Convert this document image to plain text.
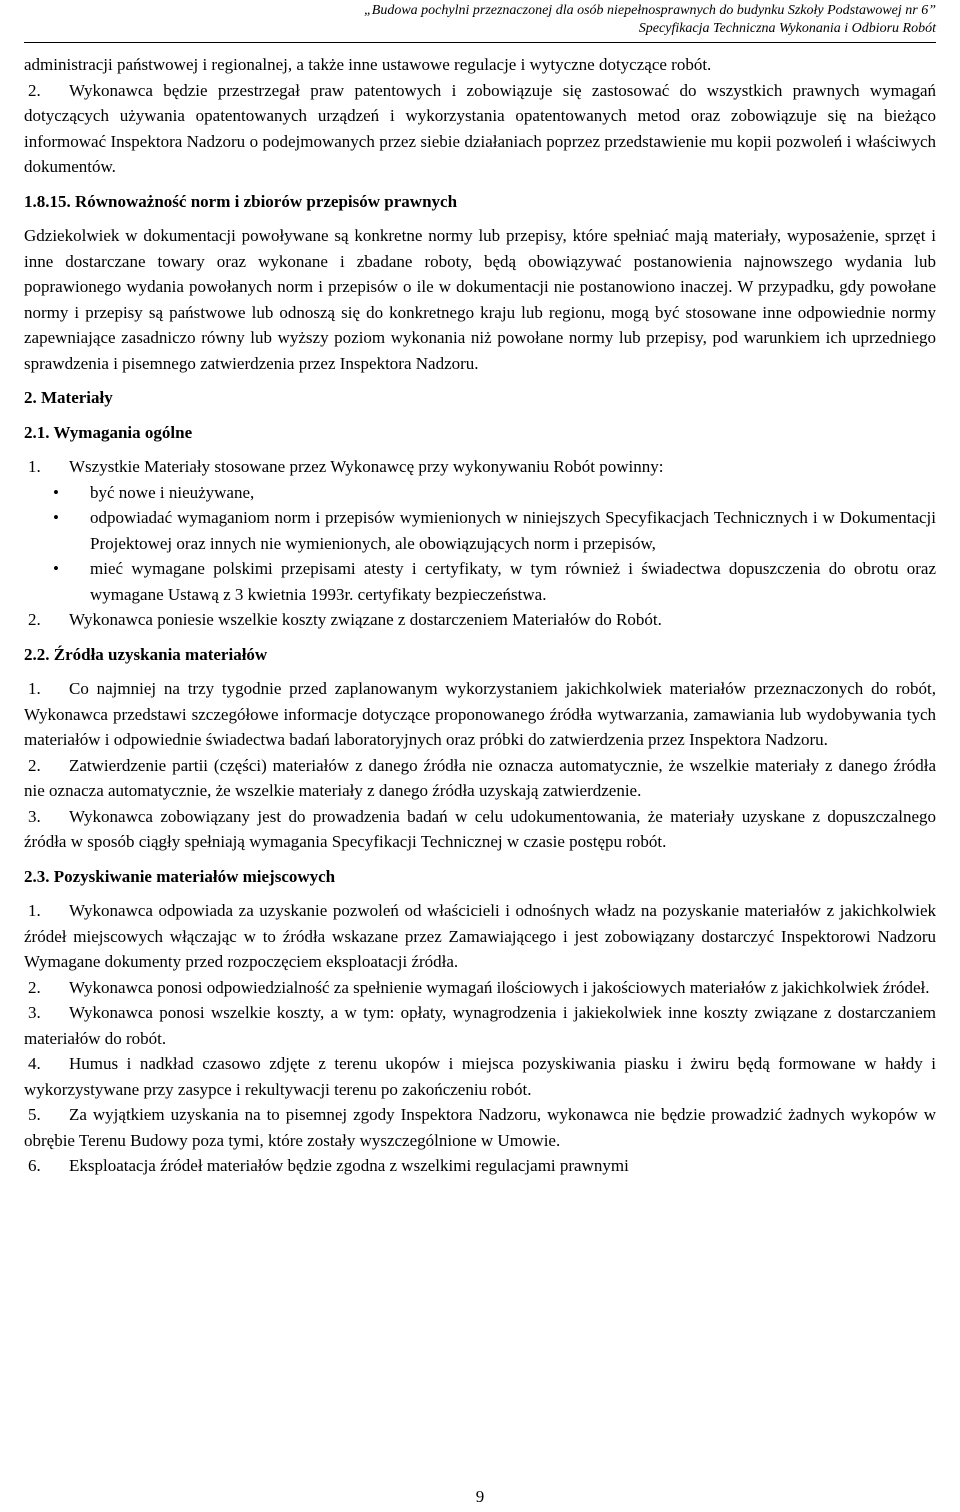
„Budowa pochylni przeznaczonej dla osób niepełnosprawnych do budynku Szkoły Podstawowej nr 6”
Specyfikacja Techniczna Wykonania i Odbioru Robót

administracji państwowej i regionalnej, a także inne ustawowe regulacje i wytyczne dotyczące robót.

2. Wykonawca będzie przestrzegał praw patentowych i zobowiązuje się zastosować do wszystkich prawnych wymagań dotyczących używania opatentowanych urządzeń i wykorzystania opatentowanych metod oraz zobowiązuje się na bieżąco informować Inspektora Nadzoru o podejmowanych przez siebie działaniach poprzez przedstawienie mu kopii pozwoleń i właściwych dokumentów.

1.8.15. Równoważność norm i zbiorów przepisów prawnych

Gdziekolwiek w dokumentacji powoływane są konkretne normy lub przepisy, które spełniać mają materiały, wyposażenie, sprzęt i inne dostarczane towary oraz wykonane i zbadane roboty, będą obowiązywać postanowienia najnowszego wydania lub poprawionego wydania powołanych norm i przepisów o ile w dokumentacji nie postanowiono inaczej. W przypadku, gdy powołane normy i przepisy są państwowe lub odnoszą się do konkretnego kraju lub regionu, mogą być stosowane inne odpowiednie normy zapewniające zasadniczo równy lub wyższy poziom wykonania niż powołane normy lub przepisy, pod warunkiem ich uprzedniego sprawdzenia i pisemnego zatwierdzenia przez Inspektora Nadzoru.

2. Materiały

2.1. Wymagania ogólne

1. Wszystkie Materiały stosowane przez Wykonawcę przy wykonywaniu Robót powinny:

• być nowe i nieużywane,
• odpowiadać wymaganiom norm i przepisów wymienionych w niniejszych Specyfikacjach Technicznych i w Dokumentacji Projektowej oraz innych nie wymienionych, ale obowiązujących norm i przepisów,
• mieć wymagane polskimi przepisami atesty i certyfikaty, w tym również i świadectwa dopuszczenia do obrotu oraz wymagane Ustawą z 3 kwietnia 1993r. certyfikaty bezpieczeństwa.

2. Wykonawca poniesie wszelkie koszty związane z dostarczeniem Materiałów do Robót.

2.2. Źródła uzyskania materiałów

1. Co najmniej na trzy tygodnie przed zaplanowanym wykorzystaniem jakichkolwiek materiałów przeznaczonych do robót, Wykonawca przedstawi szczegółowe informacje dotyczące proponowanego źródła wytwarzania, zamawiania lub wydobywania tych materiałów i odpowiednie świadectwa badań laboratoryjnych oraz próbki do zatwierdzenia przez Inspektora Nadzoru.

2. Zatwierdzenie partii (części) materiałów z danego źródła nie oznacza automatycznie, że wszelkie materiały z danego źródła nie oznacza automatycznie, że wszelkie materiały z danego źródła uzyskają zatwierdzenie.

3. Wykonawca zobowiązany jest do prowadzenia badań w celu udokumentowania, że materiały uzyskane z dopuszczalnego źródła w sposób ciągły spełniają wymagania Specyfikacji Technicznej w czasie postępu robót.

2.3. Pozyskiwanie materiałów miejscowych

1. Wykonawca odpowiada za uzyskanie pozwoleń od właścicieli i odnośnych władz na pozyskanie materiałów z jakichkolwiek źródeł miejscowych włączając w to źródła wskazane przez Zamawiającego i jest zobowiązany dostarczyć Inspektorowi Nadzoru Wymagane dokumenty przed rozpoczęciem eksploatacji źródła.

2. Wykonawca ponosi odpowiedzialność za spełnienie wymagań ilościowych i jakościowych materiałów z jakichkolwiek źródeł.

3. Wykonawca ponosi wszelkie koszty, a w tym: opłaty, wynagrodzenia i jakiekolwiek inne koszty związane z dostarczaniem materiałów do robót.

4. Humus i nadkład czasowo zdjęte z terenu ukopów i miejsca pozyskiwania piasku i żwiru będą formowane w hałdy i wykorzystywane przy zasypce i rekultywacji terenu po zakończeniu robót.

5. Za wyjątkiem uzyskania na to pisemnej zgody Inspektora Nadzoru, wykonawca nie będzie prowadzić żadnych wykopów w obrębie Terenu Budowy poza tymi, które zostały wyszczególnione w Umowie.

6. Eksploatacja źródeł materiałów będzie zgodna z wszelkimi regulacjami prawnymi

9
